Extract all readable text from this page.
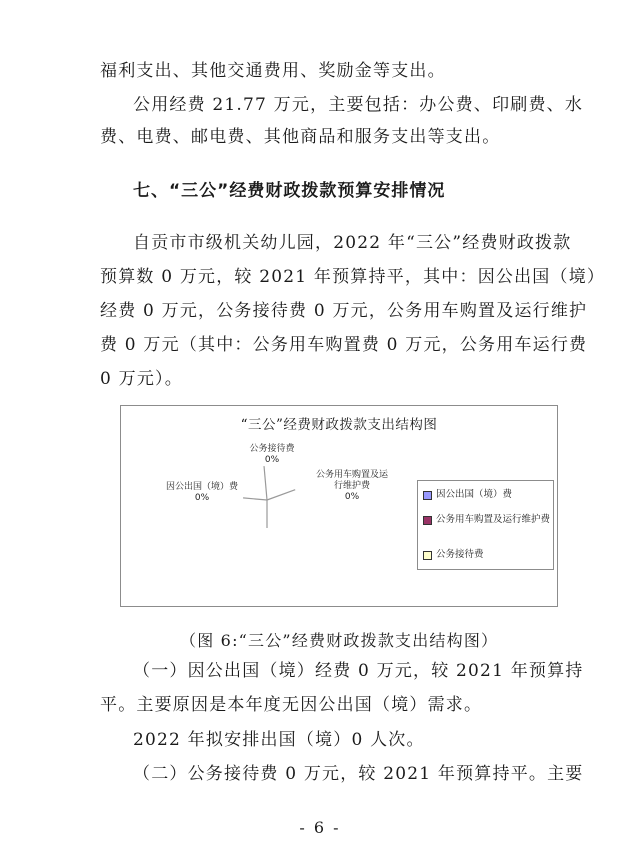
福利支出、其他交通费用、奖励金等支出。
公用经费 21.77 万元，主要包括：办公费、印刷费、水
费、电费、邮电费、其他商品和服务支出等支出。
七、“三公”经费财政拨款预算安排情况
自贡市市级机关幼儿园，2022 年“三公”经费财政拨款
预算数 0 万元，较 2021 年预算持平，其中：因公出国（境）
经费 0 万元，公务接待费 0 万元，公务用车购置及运行维护
费 0 万元（其中：公务用车购置费 0 万元，公务用车运行费
0 万元）。
“三公”经费财政拨款支出结构图
公务接待费
0%
公务用车购置及运
行维护费
0%
因公出国（境）费
0%	因公出国（境）费
公务用车购置及运行维护费
公务接待费
（图 6:“三公”经费财政拨款支出结构图）
（一）因公出国（境）经费 0 万元，较 2021 年预算持
平。主要原因是本年度无因公出国（境）需求。
2022 年拟安排出国（境）0 人次。
（二）公务接待费 0 万元，较 2021 年预算持平。主要
- 6 -
